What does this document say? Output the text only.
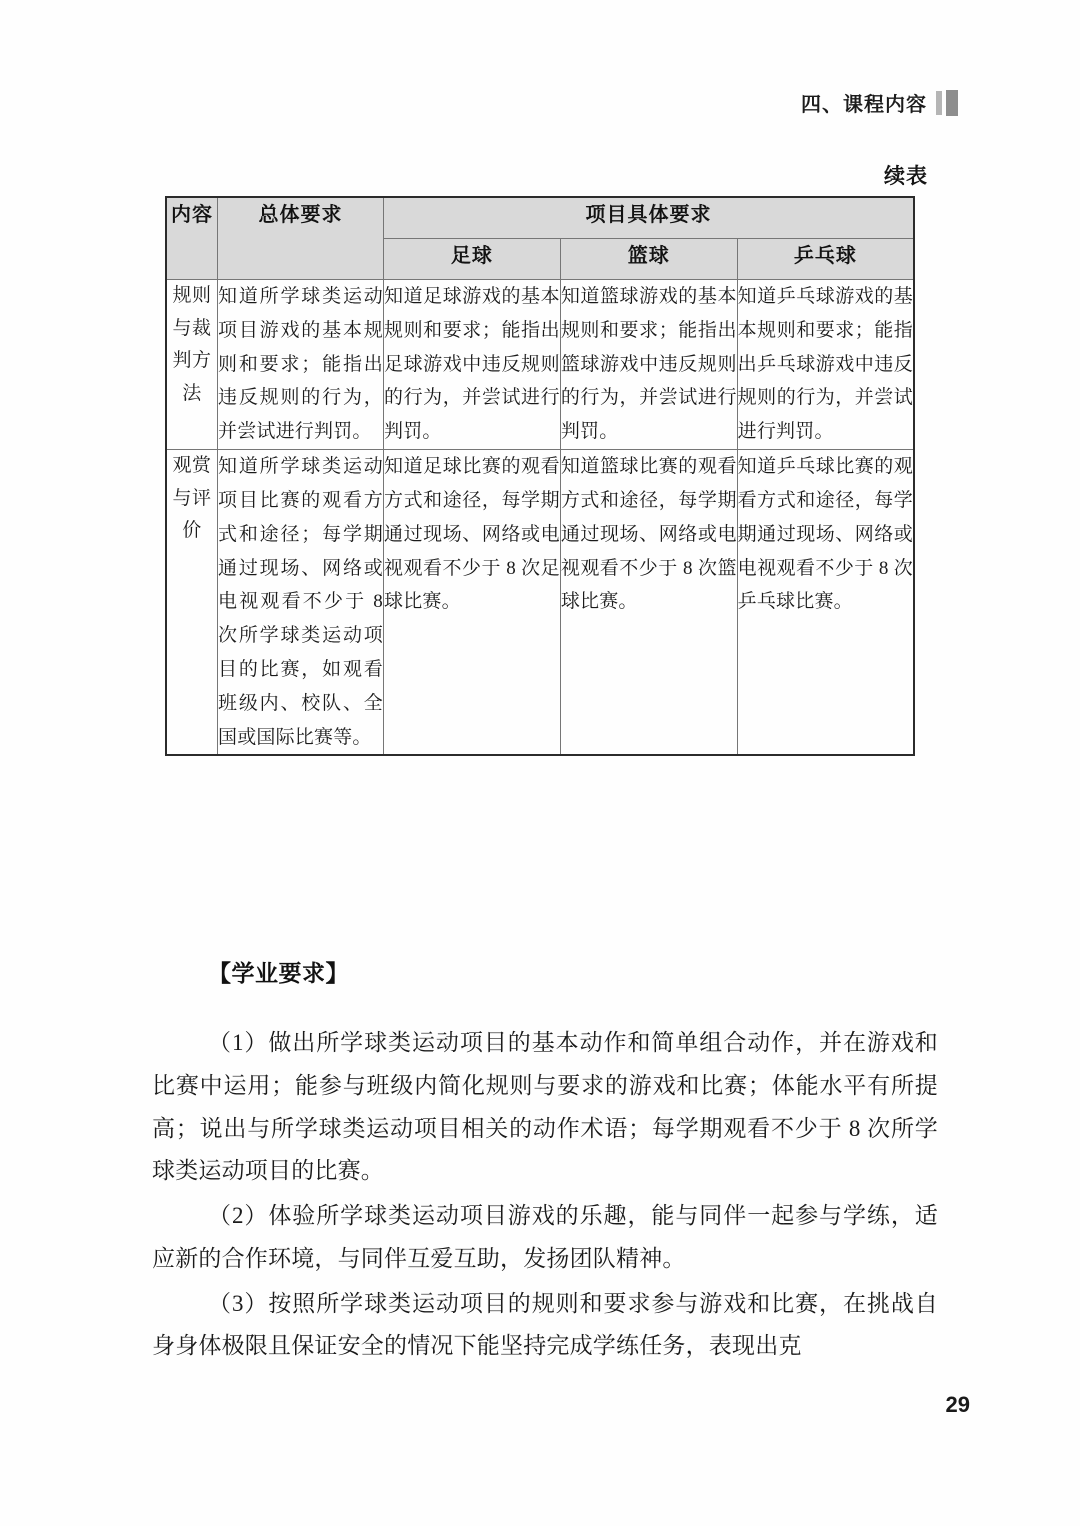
四、课程内容
续表
内容	总体要求	项目具体要求		
		足球	篮球	乒乓球
规则与裁判方法	知道所学球类运动项目游戏的基本规则和要求；能指出违反规则的行为，并尝试进行判罚。	知道足球游戏的基本规则和要求；能指出足球游戏中违反规则的行为，并尝试进行判罚。	知道篮球游戏的基本规则和要求；能指出篮球游戏中违反规则的行为，并尝试进行判罚。	知道乒乓球游戏的基本规则和要求；能指出乒乓球游戏中违反规则的行为，并尝试进行判罚。

观赏与评价	知道所学球类运动项目比赛的观看方式和途径；每学期通过现场、网络或电视观看不少于 8 次所学球类运动项目的比赛，如观看班级内、校队、全国或国际比赛等。	知道足球比赛的观看方式和途径，每学期通过现场、网络或电视观看不少于 8 次足球比赛。	知道篮球比赛的观看方式和途径，每学期通过现场、网络或电视观看不少于 8 次篮球比赛。	知道乒乓球比赛的观看方式和途径，每学期通过现场、网络或电视观看不少于 8 次乒乓球比赛。
【学业要求】

（1）做出所学球类运动项目的基本动作和简单组合动作，并在游戏和比赛中运用；能参与班级内简化规则与要求的游戏和比赛；体能水平有所提高；说出与所学球类运动项目相关的动作术语；每学期观看不少于 8 次所学球类运动项目的比赛。

（2）体验所学球类运动项目游戏的乐趣，能与同伴一起参与学练，适应新的合作环境，与同伴互爱互助，发扬团队精神。

（3）按照所学球类运动项目的规则和要求参与游戏和比赛，在挑战自身身体极限且保证安全的情况下能坚持完成学练任务，表现出克

29
